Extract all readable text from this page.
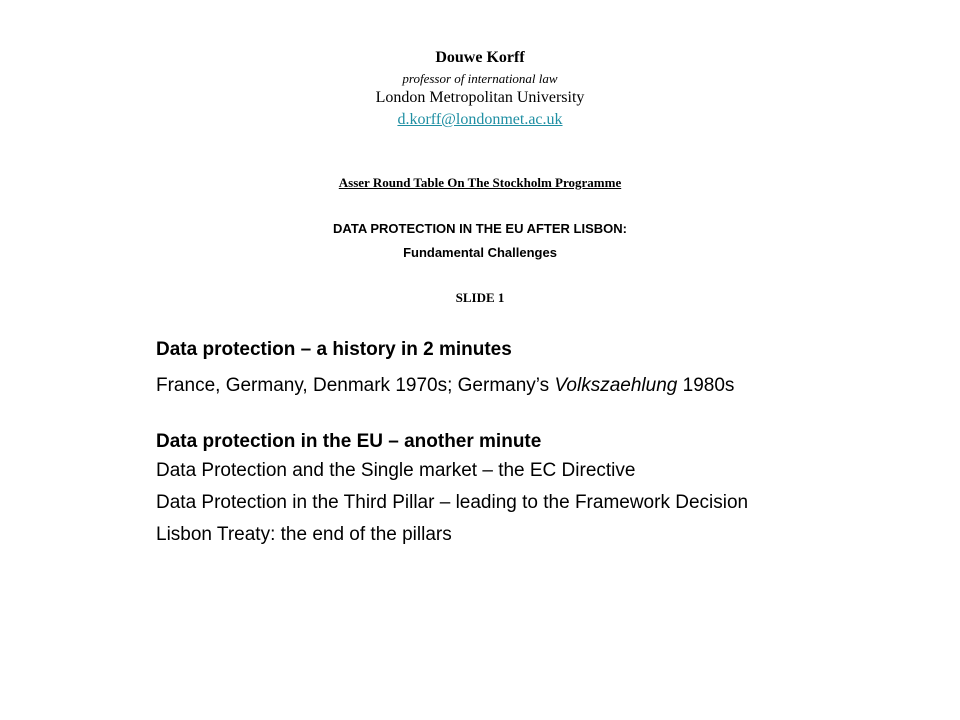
Douwe Korff
professor of international law
London Metropolitan University
d.korff@londonmet.ac.uk
Asser Round Table On The Stockholm Programme
DATA PROTECTION IN THE EU AFTER LISBON:
Fundamental Challenges
SLIDE 1
Data protection – a history in 2 minutes
France, Germany, Denmark 1970s; Germany’s Volkszaehlung 1980s
Data protection in the EU – another minute
Data Protection and the Single market – the EC Directive
Data Protection in the Third Pillar – leading to the Framework Decision
Lisbon Treaty: the end of the pillars
